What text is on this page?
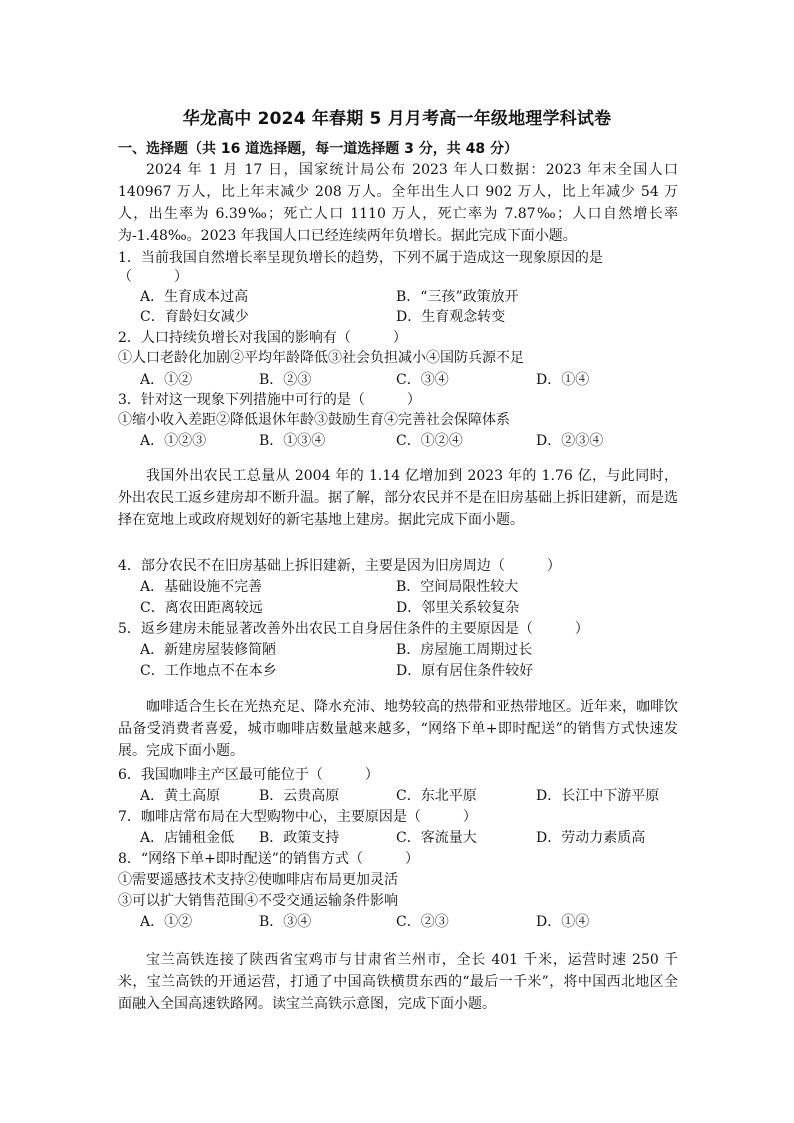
华龙高中 2024 年春期 5 月月考高一年级地理学科试卷
一、选择题（共 16 道选择题，每一道选择题 3 分，共 48 分）
2024 年 1 月 17 日，国家统计局公布 2023 年人口数据：2023 年末全国人口 140967 万人，比上年末减少 208 万人。全年出生人口 902 万人，比上年减少 54 万人，出生率为 6.39‰；死亡人口 1110 万人，死亡率为 7.87‰；人口自然增长率为-1.48‰。2023 年我国人口已经连续两年负增长。据此完成下面小题。
1．当前我国自然增长率呈现负增长的趋势，下列不属于造成这一现象原因的是
（　　　）
A．生育成本过高	B．“三孩”政策放开
C．育龄妇女减少	D．生育观念转变
2．人口持续负增长对我国的影响有（　　　）
①人口老龄化加剧②平均年龄降低③社会负担减小④国防兵源不足
A．①②	B．②③	C．③④	D．①④
3．针对这一现象下列措施中可行的是（　　　）
①缩小收入差距②降低退休年龄③鼓励生育④完善社会保障体系
A．①②③	B．①③④	C．①②④	D．②③④
我国外出农民工总量从 2004 年的 1.14 亿增加到 2023 年的 1.76 亿，与此同时，外出农民工返乡建房却不断升温。据了解，部分农民并不是在旧房基础上拆旧建新，而是选择在宽地上或政府规划好的新宅基地上建房。据此完成下面小题。
4．部分农民不在旧房基础上拆旧建新，主要是因为旧房周边（　　　）
A．基础设施不完善	B．空间局限性较大
C．离农田距离较远	D．邻里关系较复杂
5．返乡建房未能显著改善外出农民工自身居住条件的主要原因是（　　　）
A．新建房屋装修简陋	B．房屋施工周期过长
C．工作地点不在本乡	D．原有居住条件较好
咖啡适合生长在光热充足、降水充沛、地势较高的热带和亚热带地区。近年来，咖啡饮品备受消费者喜爱，城市咖啡店数量越来越多，“网络下单+即时配送”的销售方式快速发展。完成下面小题。
6．我国咖啡主产区最可能位于（　　　）
A．黄土高原	B．云贵高原	C．东北平原	D．长江中下游平原
7．咖啡店常布局在大型购物中心，主要原因是（　　　）
A．店铺租金低 B．政策支持	C．客流量大	D．劳动力素质高
8．“网络下单+即时配送”的销售方式（　　　）
①需要遥感技术支持②使咖啡店布局更加灵活
③可以扩大销售范围④不受交通运输条件影响
A．①②	B．③④	C．②③	D．①④
宝兰高铁连接了陕西省宝鸡市与甘肃省兰州市，全长 401 千米，运营时速 250 千米，宝兰高铁的开通运营，打通了中国高铁横贯东西的“最后一千米”，将中国西北地区全面融入全国高速铁路网。读宝兰高铁示意图，完成下面小题。
